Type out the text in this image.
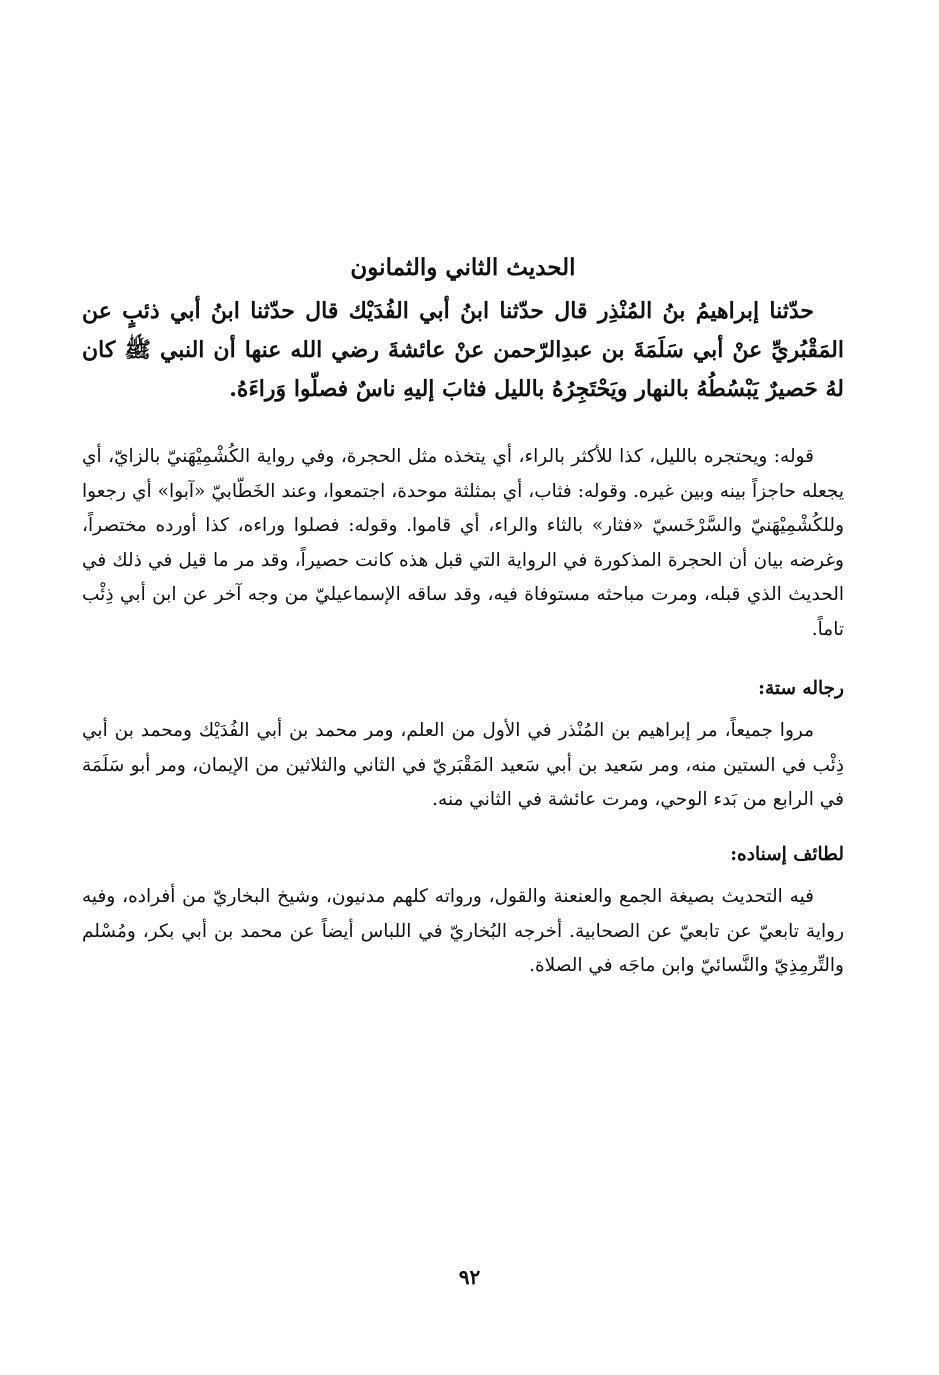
الحديث الثاني والثمانون

حدّثنا إبراهيمُ بنُ المُنْذِر قال حدّثنا ابنُ أبي الفُدَيْك قال حدّثنا ابنُ أبي ذئبٍ عن المَقْبُريِّ عنْ أبي سَلَمَةَ بن عبدِالرّحمن عنْ عائشةَ رضي الله عنها أن النبي ﷺ كان لهُ حَصيرٌ يَبْسُطُهُ بالنهار ويَحْتَجِرُهُ بالليل فثابَ إليهِ ناسٌ فصلّوا وَراءَهُ.

قوله: ويحتجره بالليل، كذا للأكثر بالراء، أي يتخذه مثل الحجرة، وفي رواية الكُشْمِيْهَنيّ بالزايّ، أي يجعله حاجزاً بينه وبين غيره. وقوله: فثاب، أي بمثلثة موحدة، اجتمعوا، وعند الخَطّابيّ «آبوا» أي رجعوا وللكُشْمِيْهَنيّ والسَّرْخَسيّ «فثار» بالثاء والراء، أي قاموا. وقوله: فصلوا وراءه، كذا أورده مختصراً، وغرضه بيان أن الحجرة المذكورة في الرواية التي قبل هذه كانت حصيراً، وقد مر ما قيل في ذلك في الحديث الذي قبله، ومرت مباحثه مستوفاة فيه، وقد ساقه الإسماعيليّ من وجه آخر عن ابن أبي ذِئْب تاماً.

رجاله ستة:

مروا جميعاً، مر إبراهيم بن المُنْذر في الأول من العلم، ومر محمد بن أبي الفُدَيْك ومحمد بن أبي ذِئْب في الستين منه، ومر سَعيد بن أبي سَعيد المَقْبَريّ في الثاني والثلاثين من الإيمان، ومر أبو سَلَمَة في الرابع من بَدء الوحي، ومرت عائشة في الثاني منه.

لطائف إسناده:

فيه التحديث بصيغة الجمع والعنعنة والقول، ورواته كلهم مدنيون، وشيخ البخاريّ من أفراده، وفيه رواية تابعيّ عن تابعيّ عن الصحابية. أخرجه البُخاريّ في اللباس أيضاً عن محمد بن أبي بكر، ومُسْلم والتِّرمِذِيّ والنَّسائيّ وابن ماجَه في الصلاة.

٩٢
